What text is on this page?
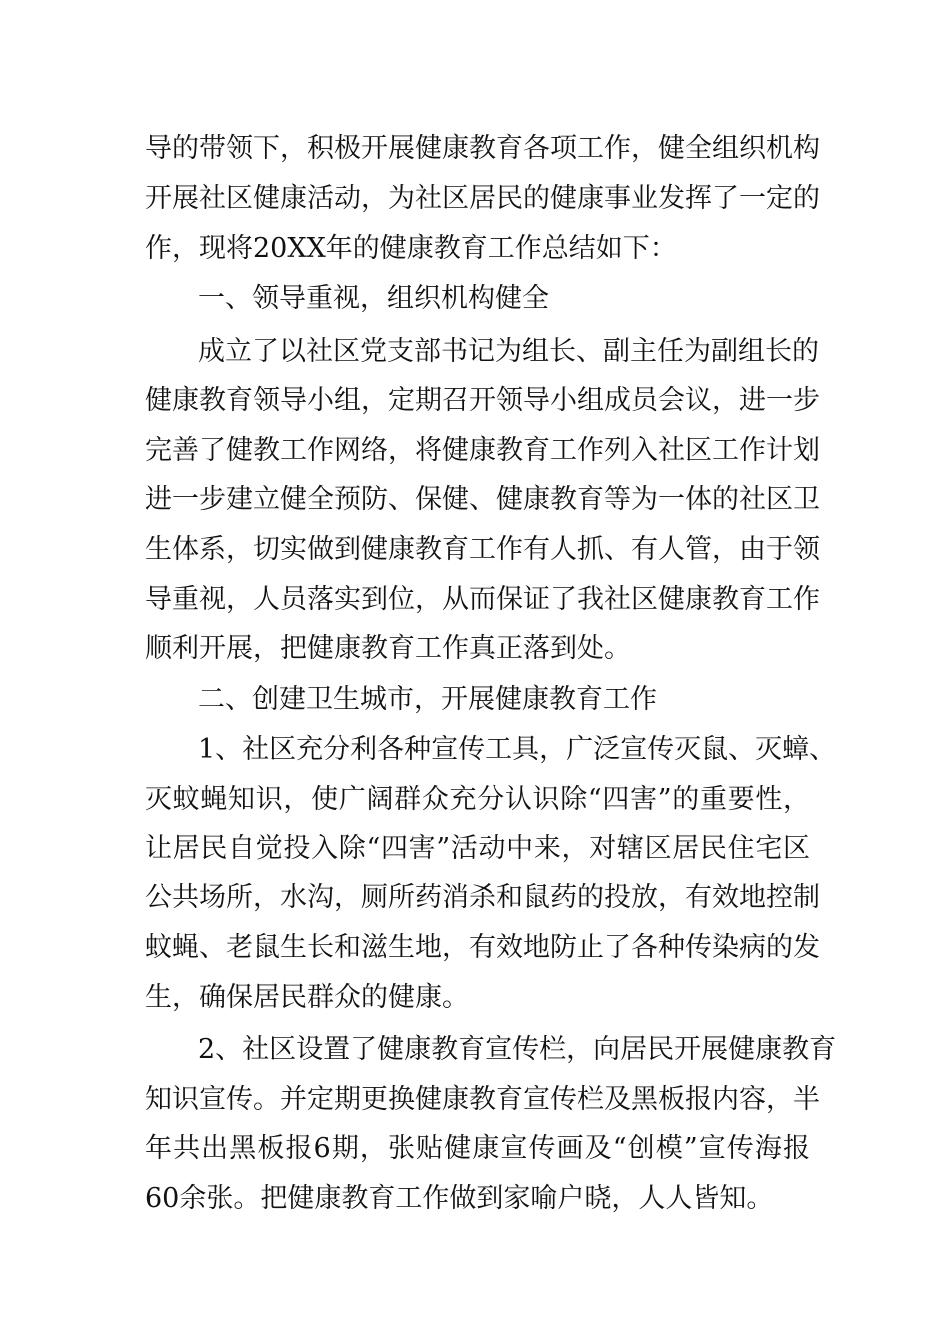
导的带领下，积极开展健康教育各项工作，健全组织机构
开展社区健康活动，为社区居民的健康事业发挥了一定的
作，现将20XX年的健康教育工作总结如下：
一、领导重视，组织机构健全
成立了以社区党支部书记为组长、副主任为副组长的
健康教育领导小组，定期召开领导小组成员会议，进一步
完善了健教工作网络，将健康教育工作列入社区工作计划
进一步建立健全预防、保健、健康教育等为一体的社区卫
生体系，切实做到健康教育工作有人抓、有人管，由于领
导重视，人员落实到位，从而保证了我社区健康教育工作
顺利开展，把健康教育工作真正落到处。
二、创建卫生城市，开展健康教育工作
1、社区充分利各种宣传工具，广泛宣传灭鼠、灭蟑、
灭蚊蝇知识，使广阔群众充分认识除“四害”的重要性，
让居民自觉投入除“四害”活动中来，对辖区居民住宅区
公共场所，水沟，厕所药消杀和鼠药的投放，有效地控制
蚊蝇、老鼠生长和滋生地，有效地防止了各种传染病的发
生，确保居民群众的健康。
2、社区设置了健康教育宣传栏，向居民开展健康教育
知识宣传。并定期更换健康教育宣传栏及黑板报内容，半
年共出黑板报6期，张贴健康宣传画及“创模”宣传海报
60余张。把健康教育工作做到家喻户晓，人人皆知。
